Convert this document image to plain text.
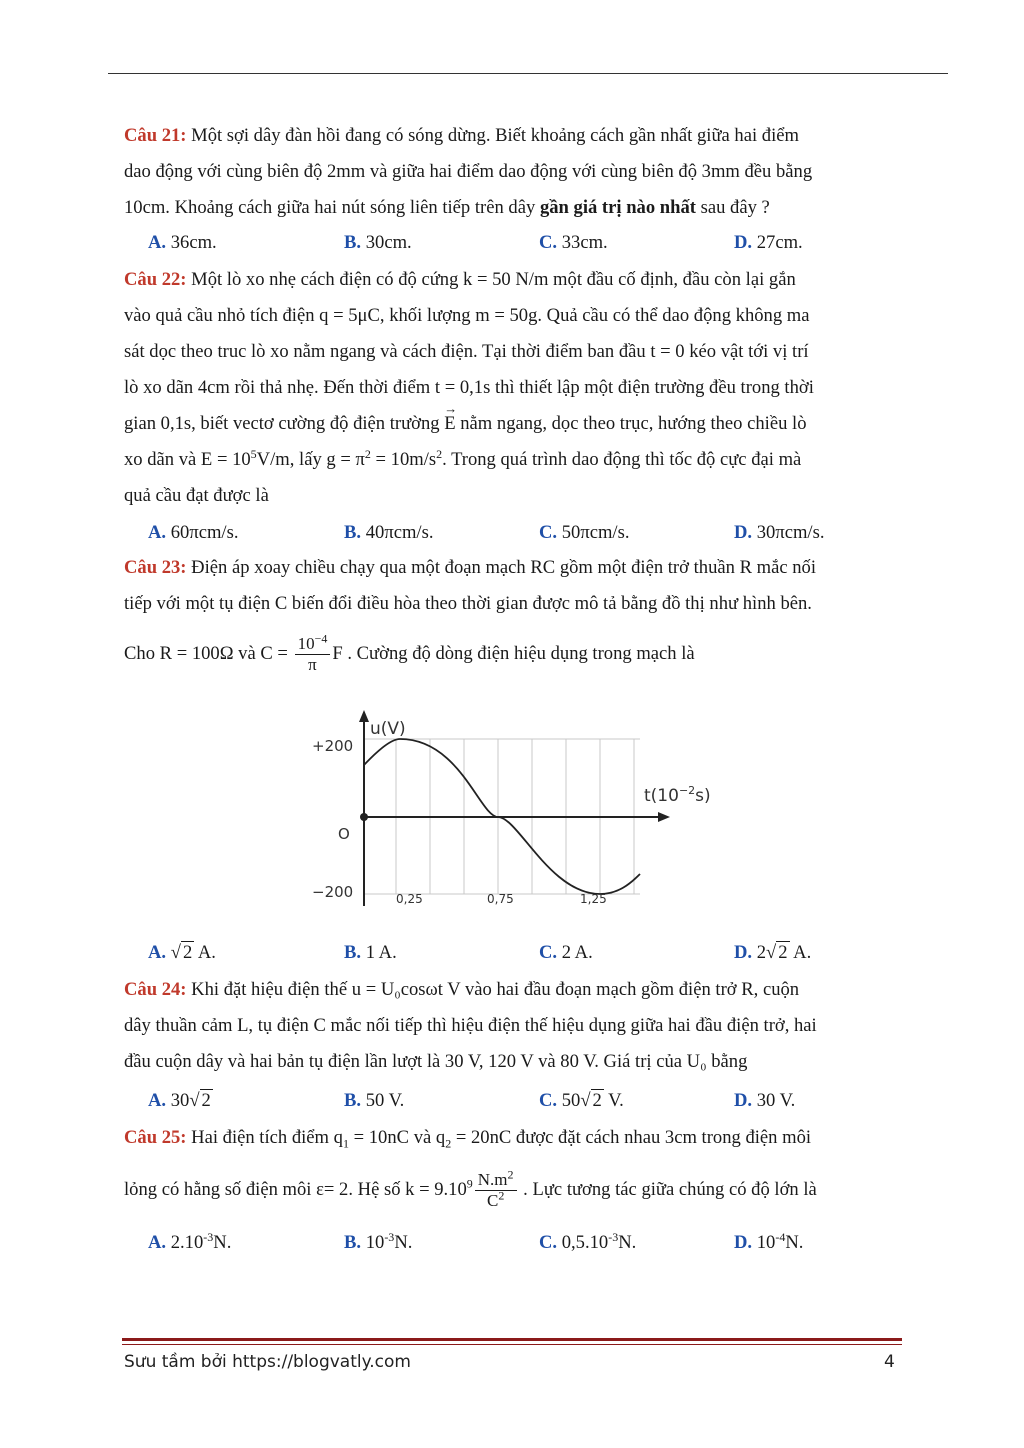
Câu 21: Một sợi dây đàn hồi đang có sóng dừng. Biết khoảng cách gần nhất giữa hai điểm
dao động với cùng biên độ 2mm và giữa hai điểm dao động với cùng biên độ 3mm đều bằng
10cm. Khoảng cách giữa hai nút sóng liên tiếp trên dây gần giá trị nào nhất sau đây ?
A. 36cm.	B. 30cm.	C. 33cm.	D. 27cm.
Câu 22: Một lò xo nhẹ cách điện có độ cứng k = 50 N/m một đầu cố định, đầu còn lại gắn
vào quả cầu nhỏ tích điện q = 5μC, khối lượng m = 50g. Quả cầu có thể dao động không ma
sát dọc theo truc lò xo nằm ngang và cách điện. Tại thời điểm ban đầu t = 0 kéo vật tới vị trí
lò xo dãn 4cm rồi thả nhẹ. Đến thời điểm t = 0,1s thì thiết lập một điện trường đều trong thời
gian 0,1s, biết vectơ cường độ điện trường → E nằm ngang, dọc theo trục, hướng theo chiều lò
xo dãn và $E = 10^5V/m$, lấy $g = \pi^2 = 10m/s^2$. Trong quá trình dao động thì tốc độ cực đại mà
quả cầu đạt được là
A. 60πcm/s.	B. 40πcm/s.	C. 50πcm/s.	D. 30πcm/s.
Câu 23: Điện áp xoay chiều chạy qua một đoạn mạch RC gồm một điện trở thuần R mắc nối
tiếp với một tụ điện C biến đổi điều hòa theo thời gian được mô tả bằng đồ thị như hình bên.
Cho R = 100Ω và $C = \frac{10^{-4}}{\pi}$ F . Cường độ dòng điện hiệu dụng trong mạch là
u(V)
$t(10^{-2}s)$
+200
O
−200	0,25	0,75	1,25
A. √ 2 A.	B. 1 A.	C. 2 A.	D. 2√ 2 A.
Câu 24: Khi đặt hiệu điện thế u = U₀cosωt V vào hai đầu đoạn mạch gồm điện trở R, cuộn
dây thuần cảm L, tụ điện C mắc nối tiếp thì hiệu điện thế hiệu dụng giữa hai đầu điện trở, hai
đầu cuộn dây và hai bản tụ điện lần lượt là 30 V, 120 V và 80 V. Giá trị của U₀ bằng
A. 30√ 2	B. 50 V.	C. 50√ 2 V.	D. 30 V.
Câu 25: Hai điện tích điểm $q_1 = 10nC$ và $q_2 = 20nC$ được đặt cách nhau 3cm trong điện môi
lỏng có hằng số điện môi ε= 2. Hệ số $k = 9.10^9 \frac{N.m^2}{C^2}$ . Lực tương tác giữa chúng có độ lớn là
A. $2.10^{-3}N$.	B. $10^{-3}N$.	C. $0,5.10^{-3}N$.	D. $10^{-4}N$.
Sưu tầm bởi https://blogvatly.com	4
